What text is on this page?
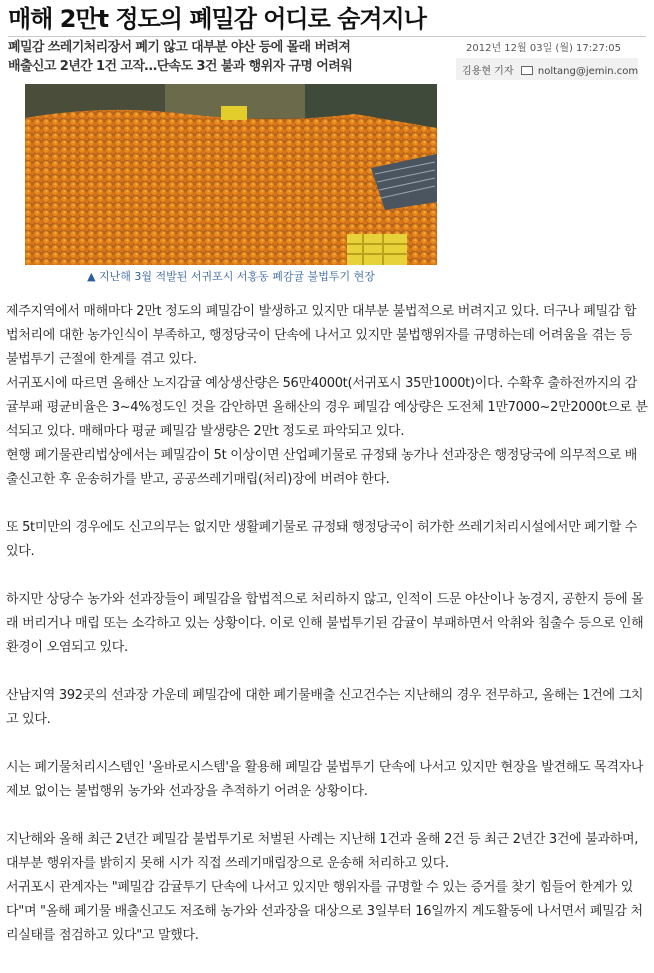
매해 2만t 정도의 폐밀감 어디로 숨겨지나
폐밀감 쓰레기처리장서 폐기 않고 대부분 야산 등에 몰래 버려져
배출신고 2년간 1건 고작…단속도 3건 불과 행위자 규명 어려워
2012년 12월 03일 (월) 17:27:05
김용현 기자 noltang@jemin.com
▲ 지난해 3월 적발된 서귀포시 서홍동 폐감귤 불법투기 현장

제주지역에서 매해마다 2만t 정도의 폐밀감이 발생하고 있지만 대부분 불법적으로 버려지고 있다. 더구나 폐밀감 합법처리에 대한 농가인식이 부족하고, 행정당국이 단속에 나서고 있지만 불법행위자를 규명하는데 어려움을 겪는 등 불법투기 근절에 한계를 겪고 있다.

서귀포시에 따르면 올해산 노지감귤 예상생산량은 56만4000t(서귀포시 35만1000t)이다. 수확후 출하전까지의 감귤부패 평균비율은 3~4%정도인 것을 감안하면 올해산의 경우 폐밀감 예상량은 도전체 1만7000~2만2000t으로 분석되고 있다. 매해마다 평균 폐밀감 발생량은 2만t 정도로 파악되고 있다.

현행 폐기물관리법상에서는 폐밀감이 5t 이상이면 산업폐기물로 규정돼 농가나 선과장은 행정당국에 의무적으로 배출신고한 후 운송허가를 받고, 공공쓰레기매립(처리)장에 버려야 한다.

또 5t미만의 경우에도 신고의무는 없지만 생활폐기물로 규정돼 행정당국이 허가한 쓰레기처리시설에서만 폐기할 수 있다.

하지만 상당수 농가와 선과장들이 폐밀감을 합법적으로 처리하지 않고, 인적이 드문 야산이나 농경지, 공한지 등에 몰래 버리거나 매립 또는 소각하고 있는 상황이다. 이로 인해 불법투기된 감귤이 부패하면서 악취와 침출수 등으로 인해 환경이 오염되고 있다.

산남지역 392곳의 선과장 가운데 폐밀감에 대한 폐기물배출 신고건수는 지난해의 경우 전무하고, 올해는 1건에 그치고 있다.

시는 폐기물처리시스템인 '올바로시스템'을 활용해 폐밀감 불법투기 단속에 나서고 있지만 현장을 발견해도 목격자나 제보 없이는 불법행위 농가와 선과장을 추적하기 어려운 상황이다.

지난해와 올해 최근 2년간 폐밀감 불법투기로 처벌된 사례는 지난해 1건과 올해 2건 등 최근 2년간 3건에 불과하며, 대부분 행위자를 밝히지 못해 시가 직접 쓰레기매립장으로 운송해 처리하고 있다.

서귀포시 관계자는 "폐밀감 감귤투기 단속에 나서고 있지만 행위자를 규명할 수 있는 증거를 찾기 힘들어 한계가 있다"며 "올해 폐기물 배출신고도 저조해 농가와 선과장을 대상으로 3일부터 16일까지 계도활동에 나서면서 폐밀감 처리실태를 점검하고 있다"고 말했다.
